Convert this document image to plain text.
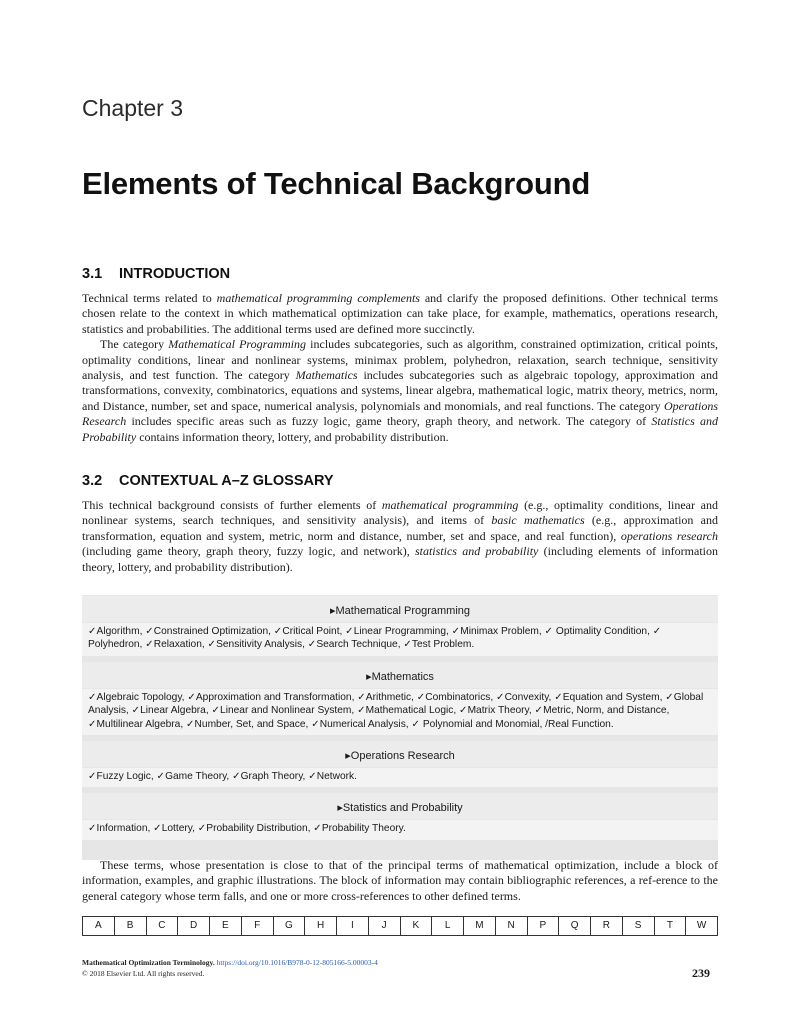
Chapter 3
Elements of Technical Background
3.1 INTRODUCTION

Technical terms related to mathematical programming complements and clarify the proposed definitions. Other technical terms chosen relate to the context in which mathematical optimization can take place, for example, mathematics, operations research, statistics and probabilities. The additional terms used are defined more succinctly.

The category Mathematical Programming includes subcategories, such as algorithm, constrained optimization, critical points, optimality conditions, linear and nonlinear systems, minimax problem, polyhedron, relaxation, search technique, sensitivity analysis, and test function. The category Mathematics includes subcategories such as algebraic topology, approximation and transformations, convexity, combinatorics, equations and systems, linear algebra, mathematical logic, matrix theory, metrics, norm, and Distance, number, set and space, numerical analysis, polynomials and monomials, and real functions. The category Operations Research includes specific areas such as fuzzy logic, game theory, graph theory, and network. The category of Statistics and Probability contains information theory, lottery, and probability distribution.

3.2 CONTEXTUAL A–Z GLOSSARY

This technical background consists of further elements of mathematical programming (e.g., optimality conditions, linear and nonlinear systems, search techniques, and sensitivity analysis), and items of basic mathematics (e.g., approximation and transformation, equation and system, metric, norm and distance, number, set and space, and real function), operations research (including game theory, graph theory, fuzzy logic, and network), statistics and probability (including elements of information theory, lottery, and probability distribution).

▸Mathematical Programming
✓Algorithm, ✓Constrained Optimization, ✓Critical Point, ✓Linear Programming, ✓Minimax Problem, ✓ Optimality Condition, ✓ Polyhedron, ✓Relaxation, ✓Sensitivity Analysis, ✓Search Technique, ✓Test Problem.
▸Mathematics
✓Algebraic Topology, ✓Approximation and Transformation, ✓Arithmetic, ✓Combinatorics, ✓Convexity, ✓Equation and System, ✓Global Analysis, ✓Linear Algebra, ✓Linear and Nonlinear System, ✓Mathematical Logic, ✓Matrix Theory, ✓Metric, Norm, and Distance, ✓Multilinear Algebra, ✓Number, Set, and Space, ✓Numerical Analysis, ✓ Polynomial and Monomial, /Real Function.
▸Operations Research
✓Fuzzy Logic, ✓Game Theory, ✓Graph Theory, ✓Network.
▸Statistics and Probability
✓Information, ✓Lottery, ✓Probability Distribution, ✓Probability Theory.

These terms, whose presentation is close to that of the principal terms of mathematical optimization, include a block of information, examples, and graphic illustrations. The block of information may contain bibliographic references, a ref-erence to the general category whose term falls, and one or more cross-references to other defined terms.

A	B	C	D	E	F	G	H	I	J	K	L	M	N	P	Q	R	S	T	W
Mathematical Optimization Terminology. https://doi.org/10.1016/B978-0-12-805166-5.00003-4
© 2018 Elsevier Ltd. All rights reserved.	239
